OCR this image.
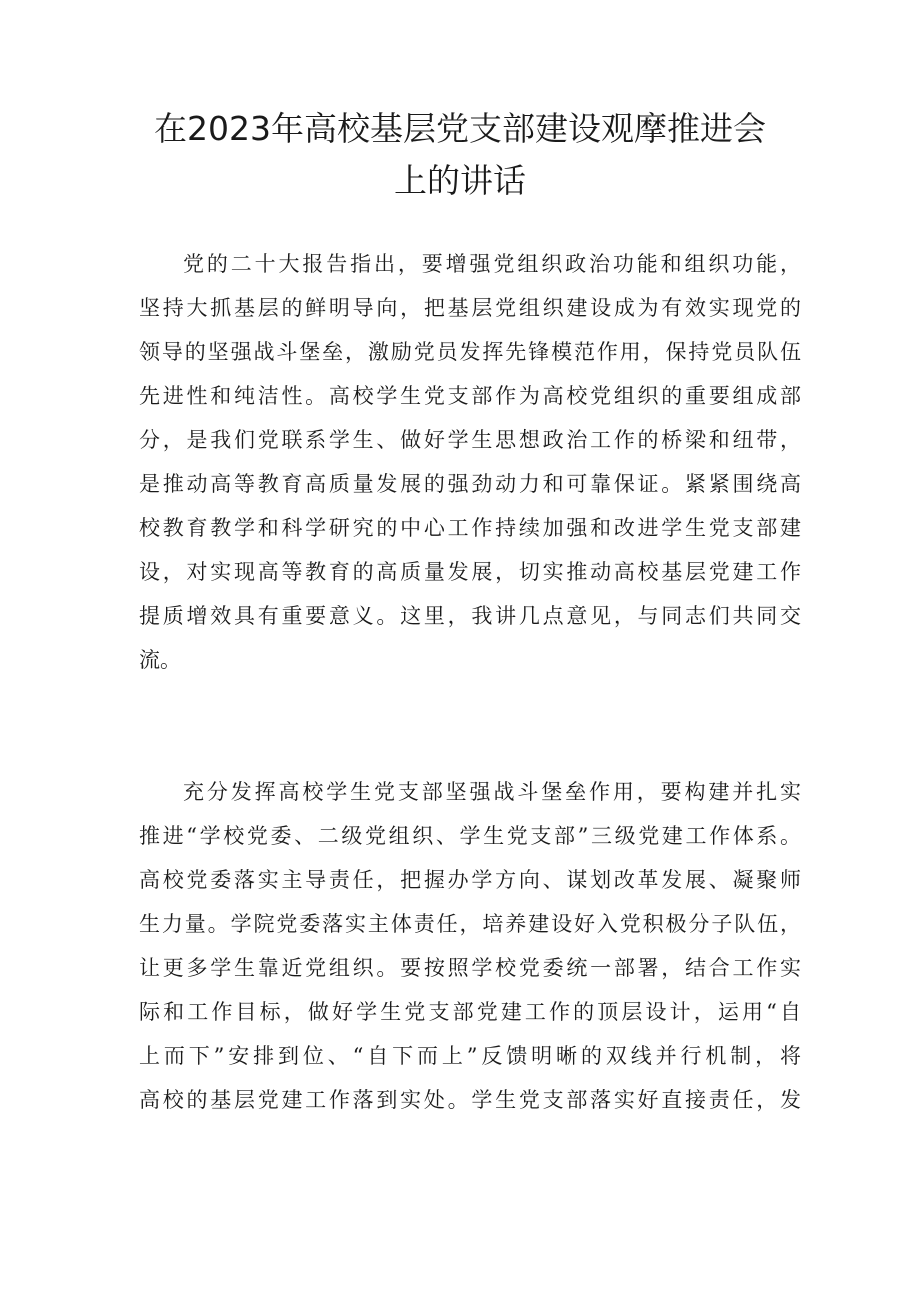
在2023年高校基层党支部建设观摩推进会
上的讲话

党的二十大报告指出，要增强党组织政治功能和组织功能，
坚持大抓基层的鲜明导向，把基层党组织建设成为有效实现党的
领导的坚强战斗堡垒，激励党员发挥先锋模范作用，保持党员队伍
先进性和纯洁性。高校学生党支部作为高校党组织的重要组成部
分，是我们党联系学生、做好学生思想政治工作的桥梁和纽带，
是推动高等教育高质量发展的强劲动力和可靠保证。紧紧围绕高
校教育教学和科学研究的中心工作持续加强和改进学生党支部建
设，对实现高等教育的高质量发展，切实推动高校基层党建工作
提质增效具有重要意义。这里，我讲几点意见，与同志们共同交
流。

充分发挥高校学生党支部坚强战斗堡垒作用，要构建并扎实
推进“学校党委、二级党组织、学生党支部”三级党建工作体系。
高校党委落实主导责任，把握办学方向、谋划改革发展、凝聚师
生力量。学院党委落实主体责任，培养建设好入党积极分子队伍，
让更多学生靠近党组织。要按照学校党委统一部署，结合工作实
际和工作目标，做好学生党支部党建工作的顶层设计，运用“自
上而下”安排到位、“自下而上”反馈明晰的双线并行机制，将
高校的基层党建工作落到实处。学生党支部落实好直接责任，发
